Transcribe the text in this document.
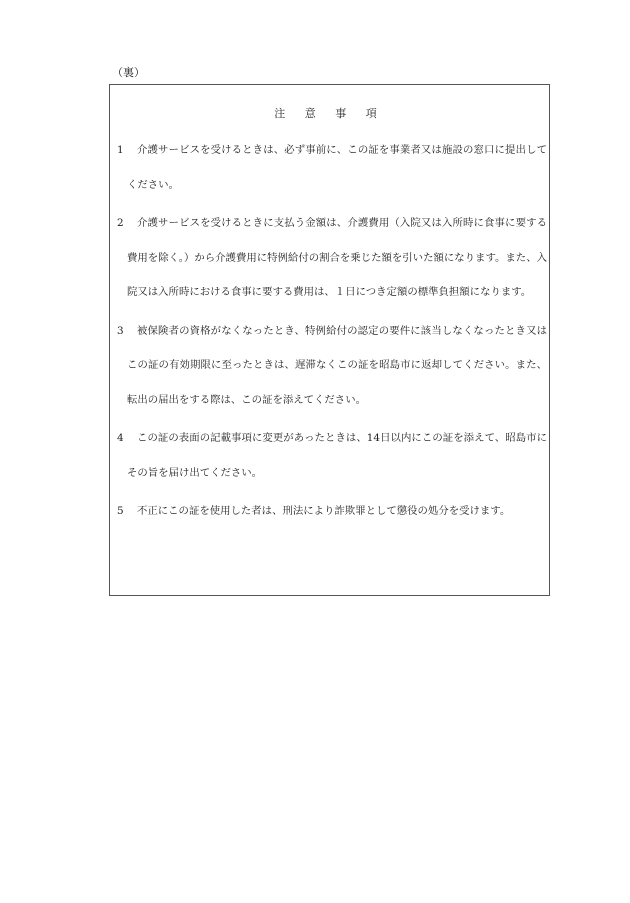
（裏）
注 意 事 項
1	介護サービスを受けるときは、必ず事前に、この証を事業者又は施設の窓口に提出してください。
2	介護サービスを受けるときに支払う金額は、介護費用（入院又は入所時に食事に要する費用を除く。）から介護費用に特例給付の割合を乗じた額を引いた額になります。また、入院又は入所時における食事に要する費用は、１日につき定額の標準負担額になります。
3	被保険者の資格がなくなったとき、特例給付の認定の要件に該当しなくなったとき又はこの証の有効期限に至ったときは、遅滞なくこの証を昭島市に返却してください。また、転出の届出をする際は、この証を添えてください。
4	この証の表面の記載事項に変更があったときは、14日以内にこの証を添えて、昭島市にその旨を届け出てください。
5	不正にこの証を使用した者は、刑法により詐欺罪として懲役の処分を受けます。
